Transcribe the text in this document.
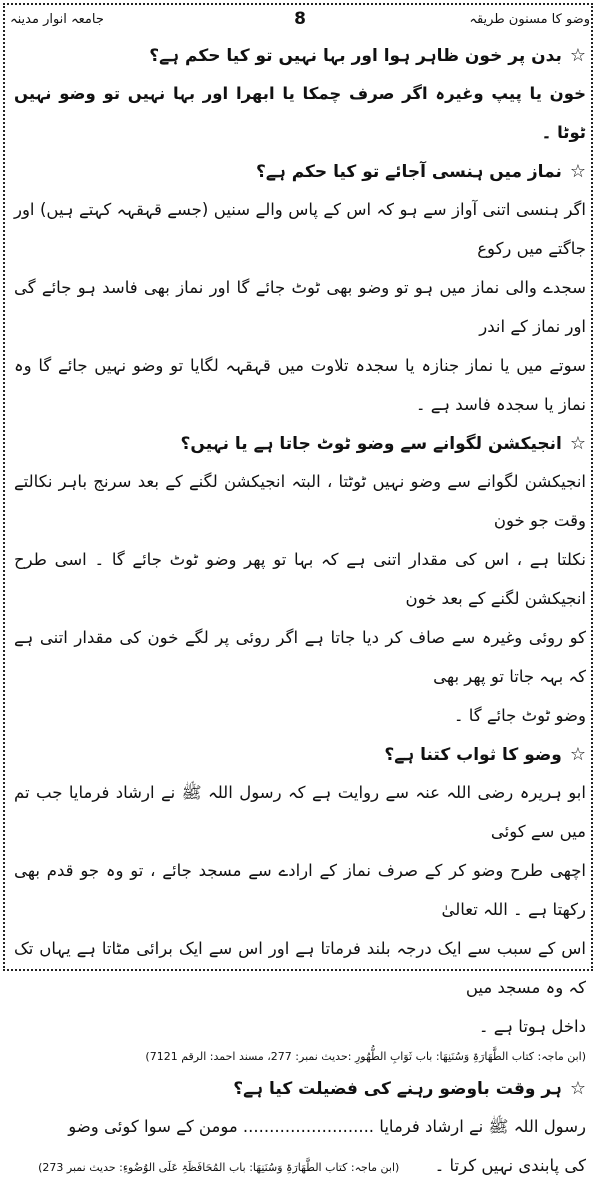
جامعہ انوار مدینہ	8	وضو کا مسنون طریقہ
☆
بدن پر خون ظاہر ہوا اور بہا نہیں تو کیا حکم ہے؟

خون یا پیپ وغیرہ اگر صرف چمکا یا ابھرا اور بہا نہیں تو وضو نہیں ٹوٹا ۔

☆
نماز میں ہنسی آجائے تو کیا حکم ہے؟

اگر ہنسی اتنی آواز سے ہو کہ اس کے پاس والے سنیں (جسے قہقہہ کہتے ہیں) اور جاگتے میں رکوع

سجدے والی نماز میں ہو تو وضو بھی ٹوٹ جائے گا اور نماز بھی فاسد ہو جائے گی اور نماز کے اندر

سوتے میں یا نماز جنازہ یا سجدہ تلاوت میں قہقہہ لگایا تو وضو نہیں جائے گا وہ نماز یا سجدہ فاسد ہے ۔

☆
انجیکشن لگوانے سے وضو ٹوٹ جاتا ہے یا نہیں؟

انجیکشن لگوانے سے وضو نہیں ٹوٹتا ، البتہ انجیکشن لگنے کے بعد سرنج باہر نکالتے وقت جو خون

نکلتا ہے ، اس کی مقدار اتنی ہے کہ بہا تو پھر وضو ٹوٹ جائے گا ۔ اسی طرح انجیکشن لگنے کے بعد خون

کو روئی وغیرہ سے صاف کر دیا جاتا ہے اگر روئی پر لگے خون کی مقدار اتنی ہے کہ بہہ جاتا تو پھر بھی

وضو ٹوٹ جائے گا ۔

☆
وضو کا ثواب کتنا ہے؟

ابو ہریرہ رضی اللہ عنہ سے روایت ہے کہ رسول اللہ ﷺ نے ارشاد فرمایا جب تم میں سے کوئی

اچھی طرح وضو کر کے صرف نماز کے ارادے سے مسجد جائے ، تو وہ جو قدم بھی رکھتا ہے ۔ اللہ تعالیٰ

اس کے سبب سے ایک درجہ بلند فرماتا ہے اور اس سے ایک برائی مٹاتا ہے یہاں تک کہ وہ مسجد میں

داخل ہوتا ہے ۔

(ابن ماجہ: کتاب الطَّھَارَۃِ وَسُنَنِھَا: باب ثَوَابِ الطُّھُورِ :حدیث نمبر: 277، مسند احمد: الرقم 7121)
☆
ہر وقت باوضو رہنے کی فضیلت کیا ہے؟

رسول اللہ ﷺ نے ارشاد فرمایا ......................... مومن کے سوا کوئی وضو

کی پابندی نہیں کرتا ۔ (ابن ماجہ: کتاب الطَّھَارَۃِ وَسُنَنِھَا: باب المُحَافَظَۃِ عَلَى الوُضُوءِ: حدیث نمبر 273)
